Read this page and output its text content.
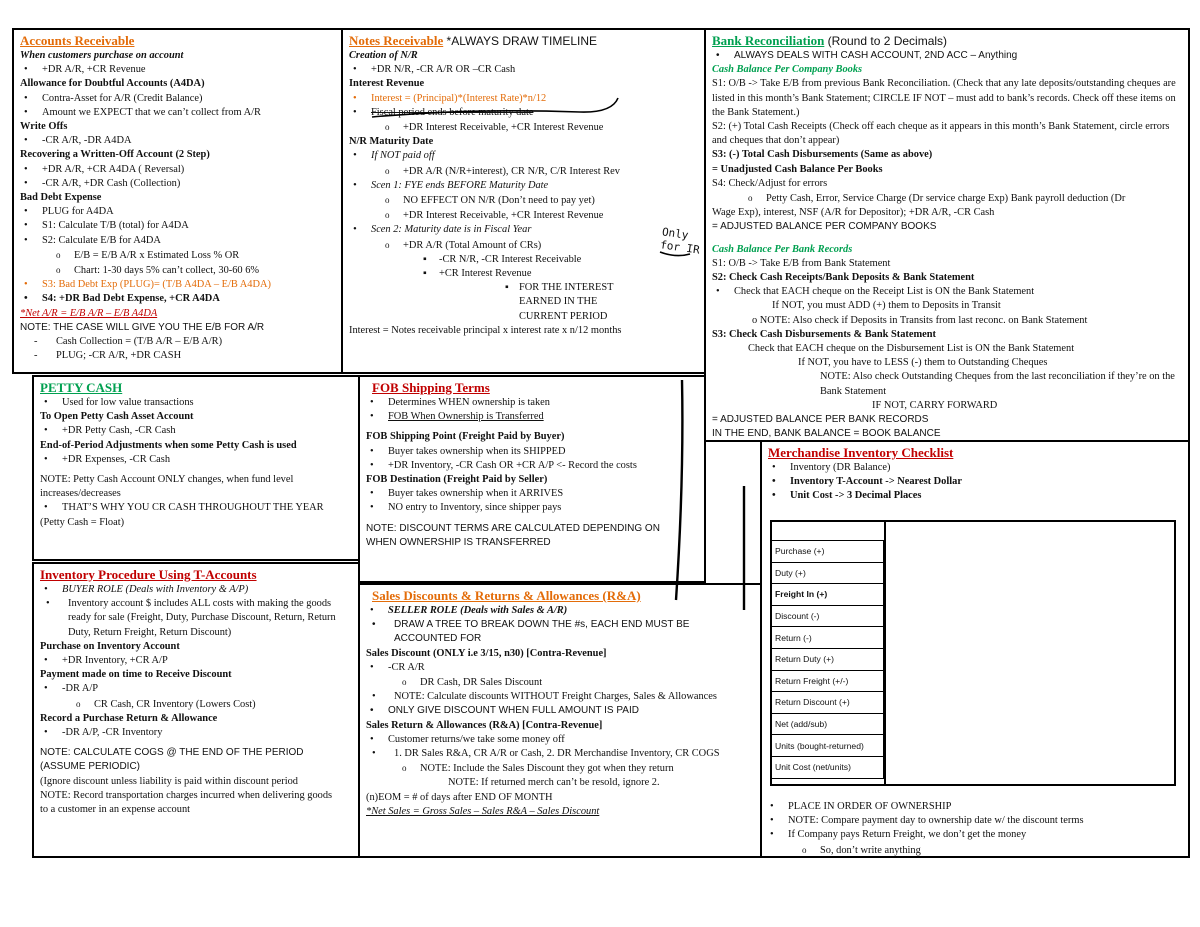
Accounts Receivable
When customers purchase on account
• +DR A/R, +CR Revenue
Allowance for Doubtful Accounts (A4DA)
• Contra-Asset for A/R (Credit Balance)
• Amount we EXPECT that we can’t collect from A/R
Write Offs
• -CR A/R, -DR A4DA
Recovering a Written-Off Account (2 Step)
• +DR A/R, +CR A4DA ( Reversal)
• -CR A/R, +DR Cash (Collection)
Bad Debt Expense
• PLUG for A4DA
• S1: Calculate T/B (total) for A4DA
• S2: Calculate E/B for A4DA
o E/B = E/B A/R x Estimated Loss % OR
o Chart: 1-30 days 5% can’t collect, 30-60 6%
• S3: Bad Debt Exp (PLUG)= (T/B A4DA – E/B A4DA)
• S4: +DR Bad Debt Expense, +CR A4DA
*Net A/R = E/B A/R – E/B A4DA
NOTE: THE CASE WILL GIVE YOU THE E/B FOR A/R
- Cash Collection = (T/B A/R – E/B A/R)
- PLUG; -CR A/R, +DR CASH
Notes Receivable *ALWAYS DRAW TIMELINE
Creation of N/R
• +DR N/R, -CR A/R OR –CR Cash
Interest Revenue
• Interest = (Principal)*(Interest Rate)*n/12
• Fiscal period ends before maturity date
o +DR Interest Receivable, +CR Interest Revenue
N/R Maturity Date
• If NOT paid off
o +DR A/R (N/R+interest), CR N/R, C/R Interest Rev
• Scen 1: FYE ends BEFORE Maturity Date
o NO EFFECT ON N/R (Don’t need to pay yet)
o +DR Interest Receivable, +CR Interest Revenue
• Scen 2: Maturity date is in Fiscal Year
o +DR A/R (Total Amount of CRs)
▪ -CR N/R, -CR Interest Receivable
▪ +CR Interest Revenue
▪ FOR THE INTEREST
EARNED IN THE
CURRENT PERIOD
Interest = Notes receivable principal x interest rate x n/12 months
Only for IR
Bank Reconciliation (Round to 2 Decimals)
• ALWAYS DEALS WITH CASH ACCOUNT, 2ND ACC – Anything
Cash Balance Per Company Books
S1: O/B -> Take E/B from previous Bank Reconciliation. (Check that any late deposits/outstanding cheques are listed in this month’s Bank Statement; CIRCLE IF NOT – must add to bank’s records. Check off these items on the Bank Statement.)
S2: (+) Total Cash Receipts (Check off each cheque as it appears in this month’s Bank Statement, circle errors and cheques that don’t appear)
S3: (-) Total Cash Disbursements (Same as above)
= Unadjusted Cash Balance Per Books
S4: Check/Adjust for errors
o Petty Cash, Error, Service Charge (Dr service charge Exp) Bank payroll deduction (Dr Wage Exp), interest, NSF (A/R for Depositor); +DR A/R, -CR Cash
= ADJUSTED BALANCE PER COMPANY BOOKS
Cash Balance Per Bank Records
S1: O/B -> Take E/B from Bank Statement
S2: Check Cash Receipts/Bank Deposits & Bank Statement
• Check that EACH cheque on the Receipt List is ON the Bank Statement
If NOT, you must ADD (+) them to Deposits in Transit
o NOTE: Also check if Deposits in Transits from last reconc. on Bank Statement
S3: Check Cash Disbursements & Bank Statement
Check that EACH cheque on the Disbursement List is ON the Bank Statement
If NOT, you have to LESS (-) them to Outstanding Cheques
NOTE: Also check Outstanding Cheques from the last reconciliation if they’re on the Bank Statement
IF NOT, CARRY FORWARD
= ADJUSTED BALANCE PER BANK RECORDS
IN THE END, BANK BALANCE = BOOK BALANCE
PETTY CASH
• Used for low value transactions
To Open Petty Cash Asset Account
• +DR Petty Cash, -CR Cash
End-of-Period Adjustments when some Petty Cash is used
• +DR Expenses, -CR Cash
NOTE: Petty Cash Account ONLY changes, when fund level increases/decreases
• THAT’S WHY YOU CR CASH THROUGHOUT THE YEAR (Petty Cash = Float)
FOB Shipping Terms
• Determines WHEN ownership is taken
• FOB When Ownership is Transferred
FOB Shipping Point (Freight Paid by Buyer)
• Buyer takes ownership when its SHIPPED
• +DR Inventory, -CR Cash OR +CR A/P <- Record the costs
FOB Destination (Freight Paid by Seller)
• Buyer takes ownership when it ARRIVES
• NO entry to Inventory, since shipper pays
NOTE: DISCOUNT TERMS ARE CALCULATED DEPENDING ON WHEN OWNERSHIP IS TRANSFERRED
Inventory Procedure Using T-Accounts
• BUYER ROLE (Deals with Inventory & A/P)
• Inventory account $ includes ALL costs with making the goods ready for sale (Freight, Duty, Purchase Discount, Return, Return Duty, Return Freight, Return Discount)
Purchase on Inventory Account
• +DR Inventory, +CR A/P
Payment made on time to Receive Discount
• -DR A/P
o CR Cash, CR Inventory (Lowers Cost)
Record a Purchase Return & Allowance
• -DR A/P, -CR Inventory
NOTE: CALCULATE COGS @ THE END OF THE PERIOD (ASSUME PERIODIC)
(Ignore discount unless liability is paid within discount period
NOTE: Record transportation charges incurred when delivering goods to a customer in an expense account
Sales Discounts & Returns & Allowances (R&A)
• SELLER ROLE (Deals with Sales & A/R)
• DRAW A TREE TO BREAK DOWN THE #s, EACH END MUST BE ACCOUNTED FOR
Sales Discount (ONLY i.e 3/15, n30) [Contra-Revenue]
• -CR A/R
o DR Cash, DR Sales Discount
• NOTE: Calculate discounts WITHOUT Freight Charges, Sales & Allowances
• ONLY GIVE DISCOUNT WHEN FULL AMOUNT IS PAID
Sales Return & Allowances (R&A) [Contra-Revenue]
• Customer returns/we take some money off
• 1. DR Sales R&A, CR A/R or Cash, 2. DR Merchandise Inventory, CR COGS
o NOTE: Include the Sales Discount they got when they return
NOTE: If returned merch can’t be resold, ignore 2.
(n)EOM = # of days after END OF MONTH
*Net Sales = Gross Sales – Sales R&A – Sales Discount
Merchandise Inventory Checklist
• Inventory (DR Balance)
• Inventory T-Account -> Nearest Dollar
• Unit Cost -> 3 Decimal Places
• PLACE IN ORDER OF OWNERSHIP
• NOTE: Compare payment day to ownership date w/ the discount terms
• If Company pays Return Freight, we don’t get the money
o So, don’t write anything
Purchase (+)
Duty (+)
Freight In (+)
Discount (-)
Return (-)
Return Duty (+)
Return Freight (+/-)
Return Discount (+)
Net (add/sub)
Units (bought-returned)
Unit Cost (net/units)
